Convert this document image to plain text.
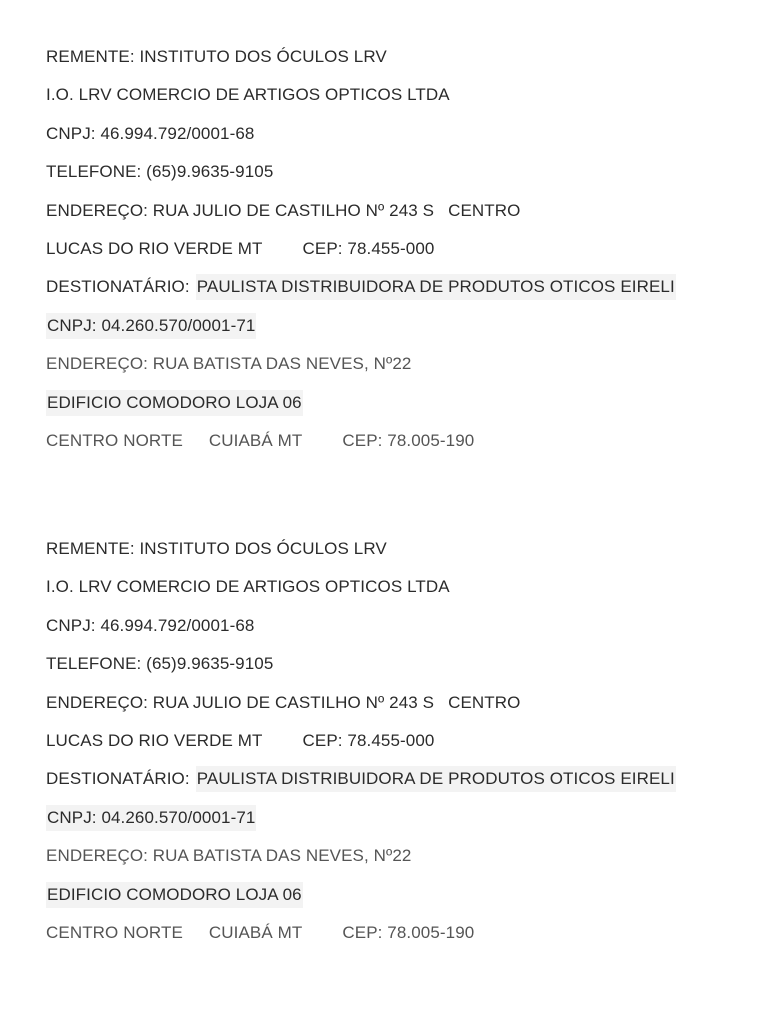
REMENTE: INSTITUTO DOS ÓCULOS LRV
I.O. LRV COMERCIO DE ARTIGOS OPTICOS LTDA
CNPJ: 46.994.792/0001-68
TELEFONE: (65)9.9635-9105
ENDEREÇO: RUA JULIO DE CASTILHO Nº 243 S CENTRO
LUCAS DO RIO VERDE MT CEP: 78.455-000
DESTIONATÁRIO: PAULISTA DISTRIBUIDORA DE PRODUTOS OTICOS EIRELI
CNPJ: 04.260.570/0001-71
ENDEREÇO: RUA BATISTA DAS NEVES, Nº22
EDIFICIO COMODORO LOJA 06
CENTRO NORTE CUIABÁ MT CEP: 78.005-190
REMENTE: INSTITUTO DOS ÓCULOS LRV
I.O. LRV COMERCIO DE ARTIGOS OPTICOS LTDA
CNPJ: 46.994.792/0001-68
TELEFONE: (65)9.9635-9105
ENDEREÇO: RUA JULIO DE CASTILHO Nº 243 S CENTRO
LUCAS DO RIO VERDE MT CEP: 78.455-000
DESTIONATÁRIO: PAULISTA DISTRIBUIDORA DE PRODUTOS OTICOS EIRELI
CNPJ: 04.260.570/0001-71
ENDEREÇO: RUA BATISTA DAS NEVES, Nº22
EDIFICIO COMODORO LOJA 06
CENTRO NORTE CUIABÁ MT CEP: 78.005-190
